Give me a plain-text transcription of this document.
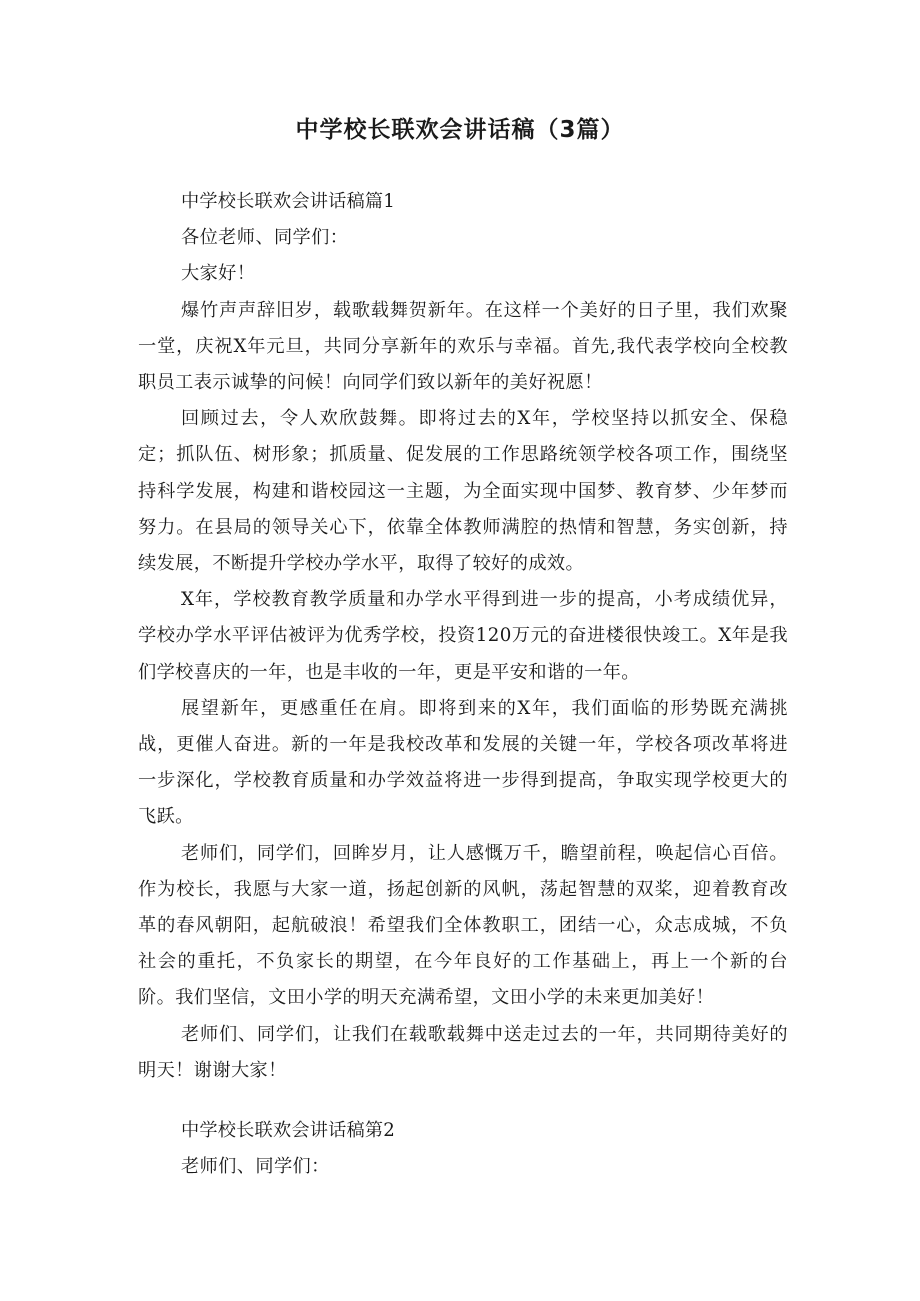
中学校长联欢会讲话稿（3篇）

中学校长联欢会讲话稿篇1

各位老师、同学们：

大家好！

爆竹声声辞旧岁，载歌载舞贺新年。在这样一个美好的日子里，我们欢聚一堂，庆祝X年元旦，共同分享新年的欢乐与幸福。首先,我代表学校向全校教职员工表示诚挚的问候！向同学们致以新年的美好祝愿！

回顾过去，令人欢欣鼓舞。即将过去的X年，学校坚持以抓安全、保稳定；抓队伍、树形象；抓质量、促发展的工作思路统领学校各项工作，围绕坚持科学发展，构建和谐校园这一主题，为全面实现中国梦、教育梦、少年梦而努力。在县局的领导关心下，依靠全体教师满腔的热情和智慧，务实创新，持续发展，不断提升学校办学水平，取得了较好的成效。

X年，学校教育教学质量和办学水平得到进一步的提高，小考成绩优异，学校办学水平评估被评为优秀学校，投资120万元的奋进楼很快竣工。X年是我们学校喜庆的一年，也是丰收的一年，更是平安和谐的一年。

展望新年，更感重任在肩。即将到来的X年，我们面临的形势既充满挑战，更催人奋进。新的一年是我校改革和发展的关键一年，学校各项改革将进一步深化，学校教育质量和办学效益将进一步得到提高，争取实现学校更大的飞跃。

老师们，同学们，回眸岁月，让人感慨万千，瞻望前程，唤起信心百倍。作为校长，我愿与大家一道，扬起创新的风帆，荡起智慧的双桨，迎着教育改革的春风朝阳，起航破浪！希望我们全体教职工，团结一心，众志成城，不负社会的重托，不负家长的期望，在今年良好的工作基础上，再上一个新的台阶。我们坚信，文田小学的明天充满希望，文田小学的未来更加美好！

老师们、同学们，让我们在载歌载舞中送走过去的一年，共同期待美好的明天！谢谢大家！

中学校长联欢会讲话稿第2

老师们、同学们：
